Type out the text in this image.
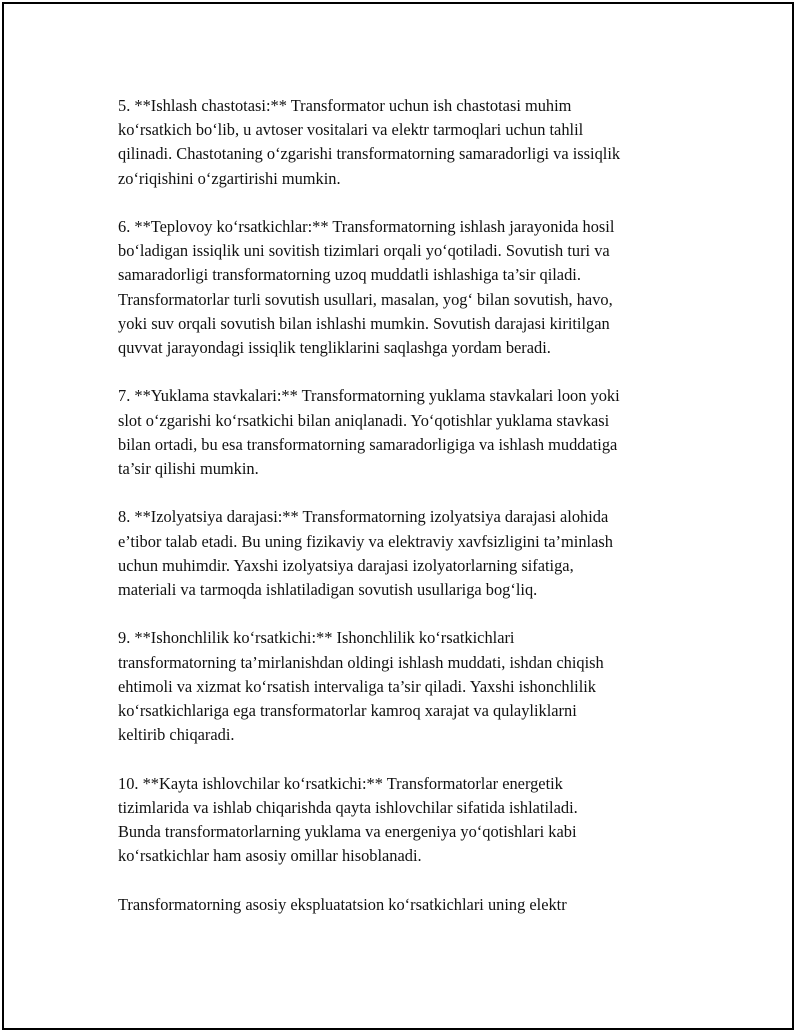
5. **Ishlash chastotasi:** Transformator uchun ish chastotasi muhim
ko‘rsatkich bo‘lib, u avtoser vositalari va elektr tarmoqlari uchun tahlil
qilinadi. Chastotaning o‘zgarishi transformatorning samaradorligi va issiqlik
zo‘riqishini o‘zgartirishi mumkin.

6. **Teplovoy ko‘rsatkichlar:** Transformatorning ishlash jarayonida hosil
bo‘ladigan issiqlik uni sovitish tizimlari orqali yo‘qotiladi. Sovutish turi va
samaradorligi transformatorning uzoq muddatli ishlashiga ta’sir qiladi.
Transformatorlar turli sovutish usullari, masalan, yog‘ bilan sovutish, havo,
yoki suv orqali sovutish bilan ishlashi mumkin. Sovutish darajasi kiritilgan
quvvat jarayondagi issiqlik tengliklarini saqlashga yordam beradi.

7. **Yuklama stavkalari:** Transformatorning yuklama stavkalari loon yoki
slot o‘zgarishi ko‘rsatkichi bilan aniqlanadi. Yo‘qotishlar yuklama stavkasi
bilan ortadi, bu esa transformatorning samaradorligiga va ishlash muddatiga
ta’sir qilishi mumkin.

8. **Izolyatsiya darajasi:** Transformatorning izolyatsiya darajasi alohida
e’tibor talab etadi. Bu uning fizikaviy va elektraviy xavfsizligini ta’minlash
uchun muhimdir. Yaxshi izolyatsiya darajasi izolyatorlarning sifatiga,
materiali va tarmoqda ishlatiladigan sovutish usullariga bog‘liq.

9. **Ishonchlilik ko‘rsatkichi:** Ishonchlilik ko‘rsatkichlari
transformatorning ta’mirlanishdan oldingi ishlash muddati, ishdan chiqish
ehtimoli va xizmat ko‘rsatish intervaliga ta’sir qiladi. Yaxshi ishonchlilik
ko‘rsatkichlariga ega transformatorlar kamroq xarajat va qulayliklarni
keltirib chiqaradi.

10. **Kayta ishlovchilar ko‘rsatkichi:** Transformatorlar energetik
tizimlarida va ishlab chiqarishda qayta ishlovchilar sifatida ishlatiladi.
Bunda transformatorlarning yuklama va energeniya yo‘qotishlari kabi
ko‘rsatkichlar ham asosiy omillar hisoblanadi.

Transformatorning asosiy ekspluatatsion ko‘rsatkichlari uning elektr
